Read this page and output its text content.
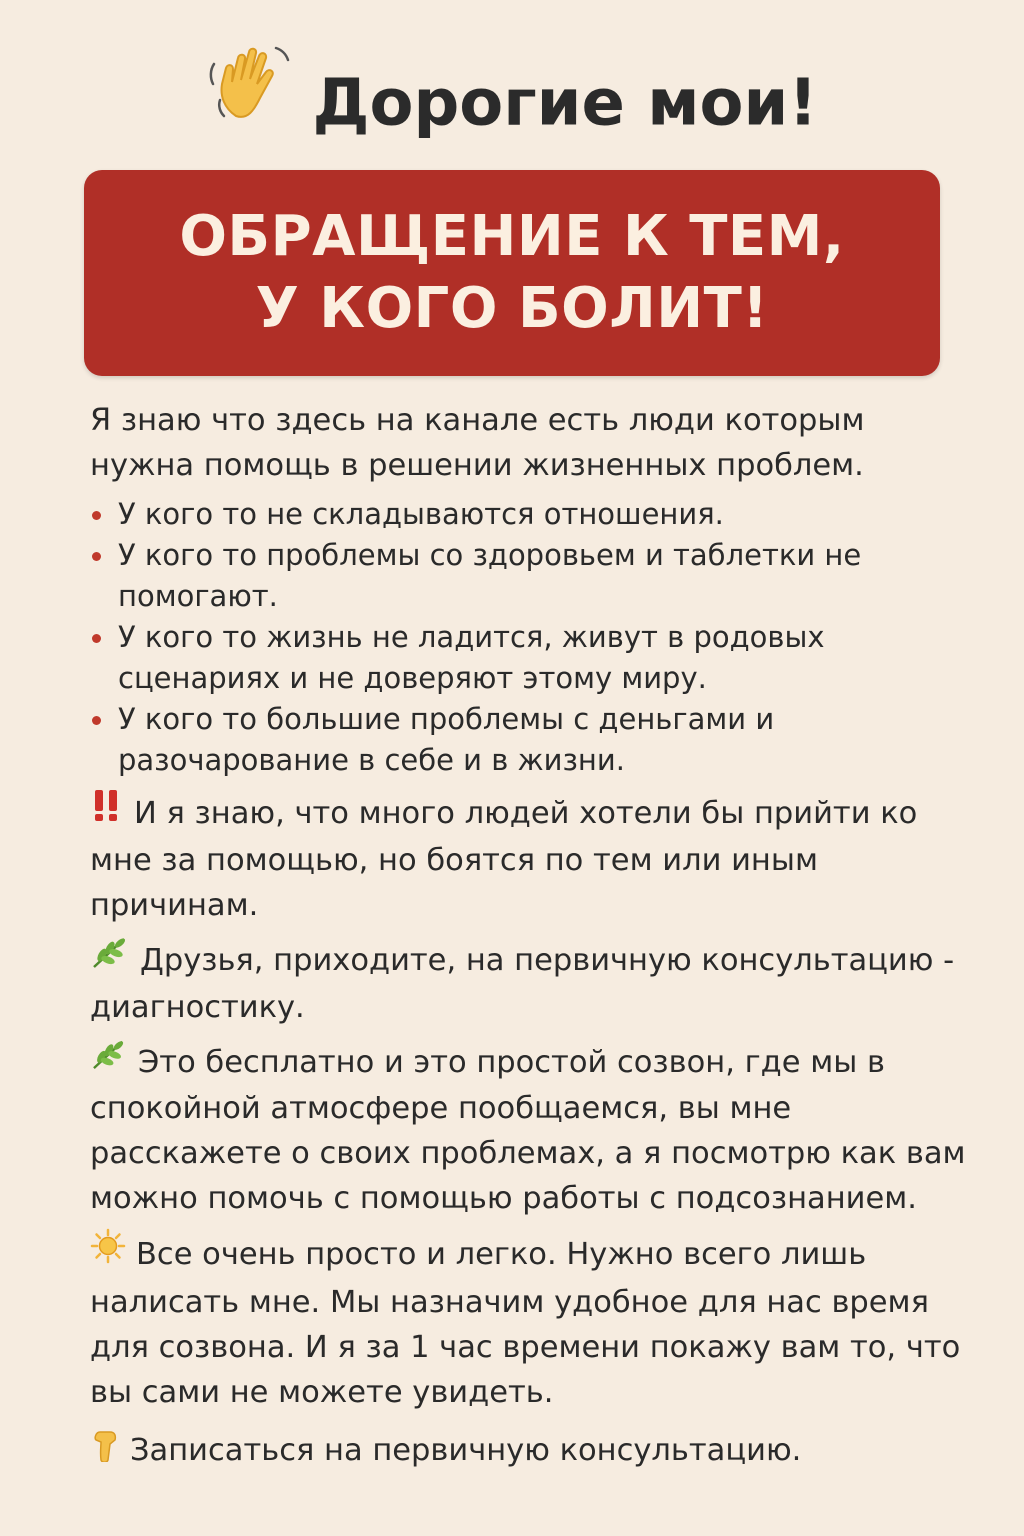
Дорогие мои!
ОБРАЩЕНИЕ К ТЕМ,
У КОГО БОЛИТ!

Я знаю что здесь на канале есть люди которым нужна помощь в решении жизненных проблем.

У кого то не складываются отношения.
У кого то проблемы со здоровьем и таблетки не помогают.
У кого то жизнь не ладится, живут в родовых сценариях и не доверяют этому миру.
У кого то большие проблемы с деньгами и разочарование в себе и в жизни.

И я знаю, что много людей хотели бы прийти ко мне за помощью, но боятся по тем или иным причинам.

Друзья, приходите, на первичную консультацию - диагностику.

Это бесплатно и это простой созвон, где мы в спокойной атмосфере пообщаемся, вы мне расскажете о своих проблемах, а я посмотрю как вам можно помочь с помощью работы с подсознанием.

Все очень просто и легко. Нужно всего лишь налисать мне. Мы назначим удобное для нас время для созвона. И я за 1 час времени покажу вам то, что вы сами не можете увидеть.

Записаться на первичную консультацию.
